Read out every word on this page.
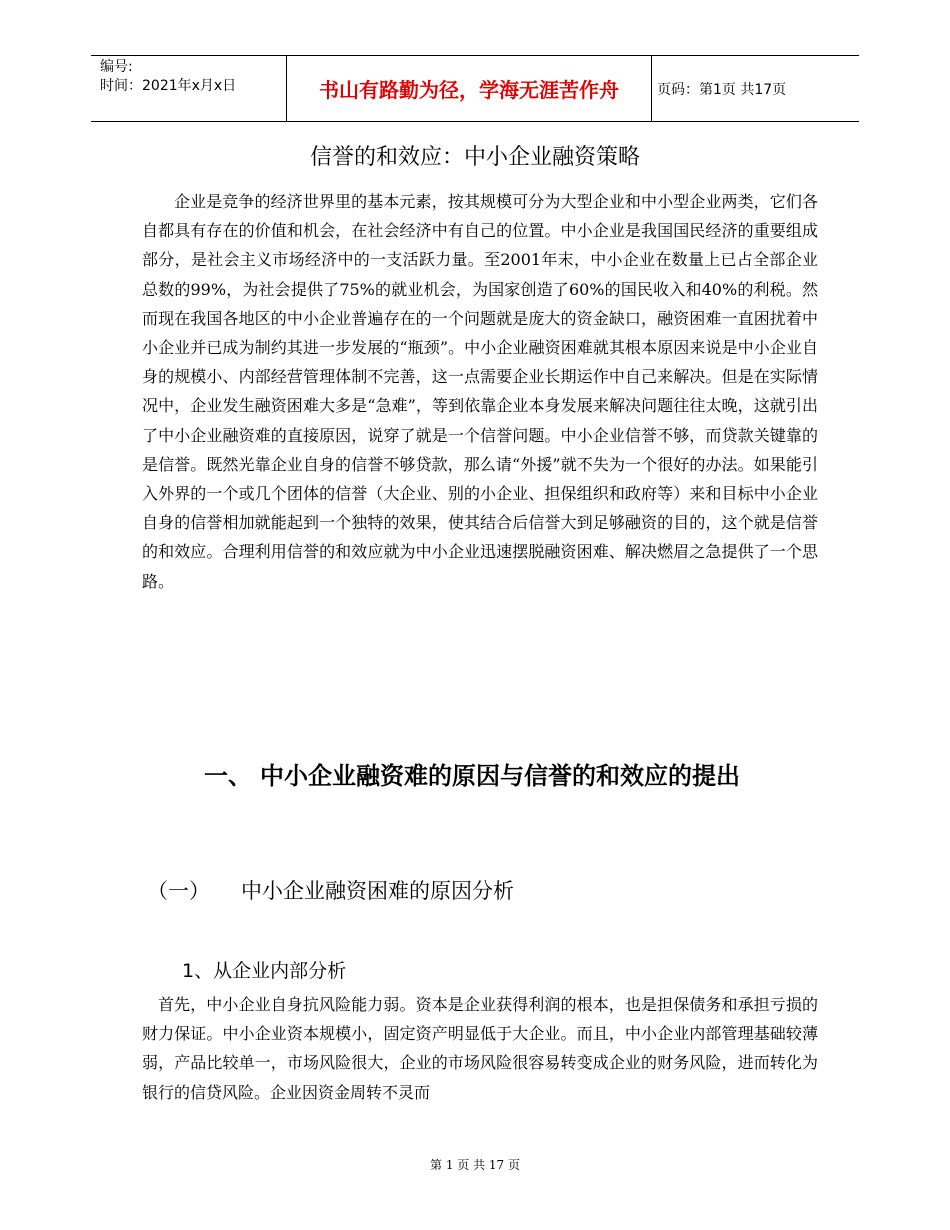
编号:
时间：2021年x月x日	书山有路勤为径，学海无涯苦作舟	页码：第1页 共17页
信誉的和效应：中小企业融资策略
企业是竞争的经济世界里的基本元素，按其规模可分为大型企业和中小型企业两类，它们各自都具有存在的价值和机会，在社会经济中有自己的位置。中小企业是我国国民经济的重要组成部分，是社会主义市场经济中的一支活跃力量。至2001年末，中小企业在数量上已占全部企业总数的99%，为社会提供了75%的就业机会，为国家创造了60%的国民收入和40%的利税。然而现在我国各地区的中小企业普遍存在的一个问题就是庞大的资金缺口，融资困难一直困扰着中小企业并已成为制约其进一步发展的“瓶颈”。中小企业融资困难就其根本原因来说是中小企业自身的规模小、内部经营管理体制不完善，这一点需要企业长期运作中自己来解决。但是在实际情况中，企业发生融资困难大多是“急难”，等到依靠企业本身发展来解决问题往往太晚，这就引出了中小企业融资难的直接原因，说穿了就是一个信誉问题。中小企业信誉不够，而贷款关键靠的是信誉。既然光靠企业自身的信誉不够贷款，那么请“外援”就不失为一个很好的办法。如果能引入外界的一个或几个团体的信誉（大企业、别的小企业、担保组织和政府等）来和目标中小企业自身的信誉相加就能起到一个独特的效果，使其结合后信誉大到足够融资的目的，这个就是信誉的和效应。合理利用信誉的和效应就为中小企业迅速摆脱融资困难、解决燃眉之急提供了一个思路。
一、 中小企业融资难的原因与信誉的和效应的提出
（一） 中小企业融资困难的原因分析
1、从企业内部分析
首先，中小企业自身抗风险能力弱。资本是企业获得利润的根本，也是担保债务和承担亏损的财力保证。中小企业资本规模小，固定资产明显低于大企业。而且，中小企业内部管理基础较薄弱，产品比较单一，市场风险很大，企业的市场风险很容易转变成企业的财务风险，进而转化为银行的信贷风险。企业因资金周转不灵而
第 1 页 共 17 页
